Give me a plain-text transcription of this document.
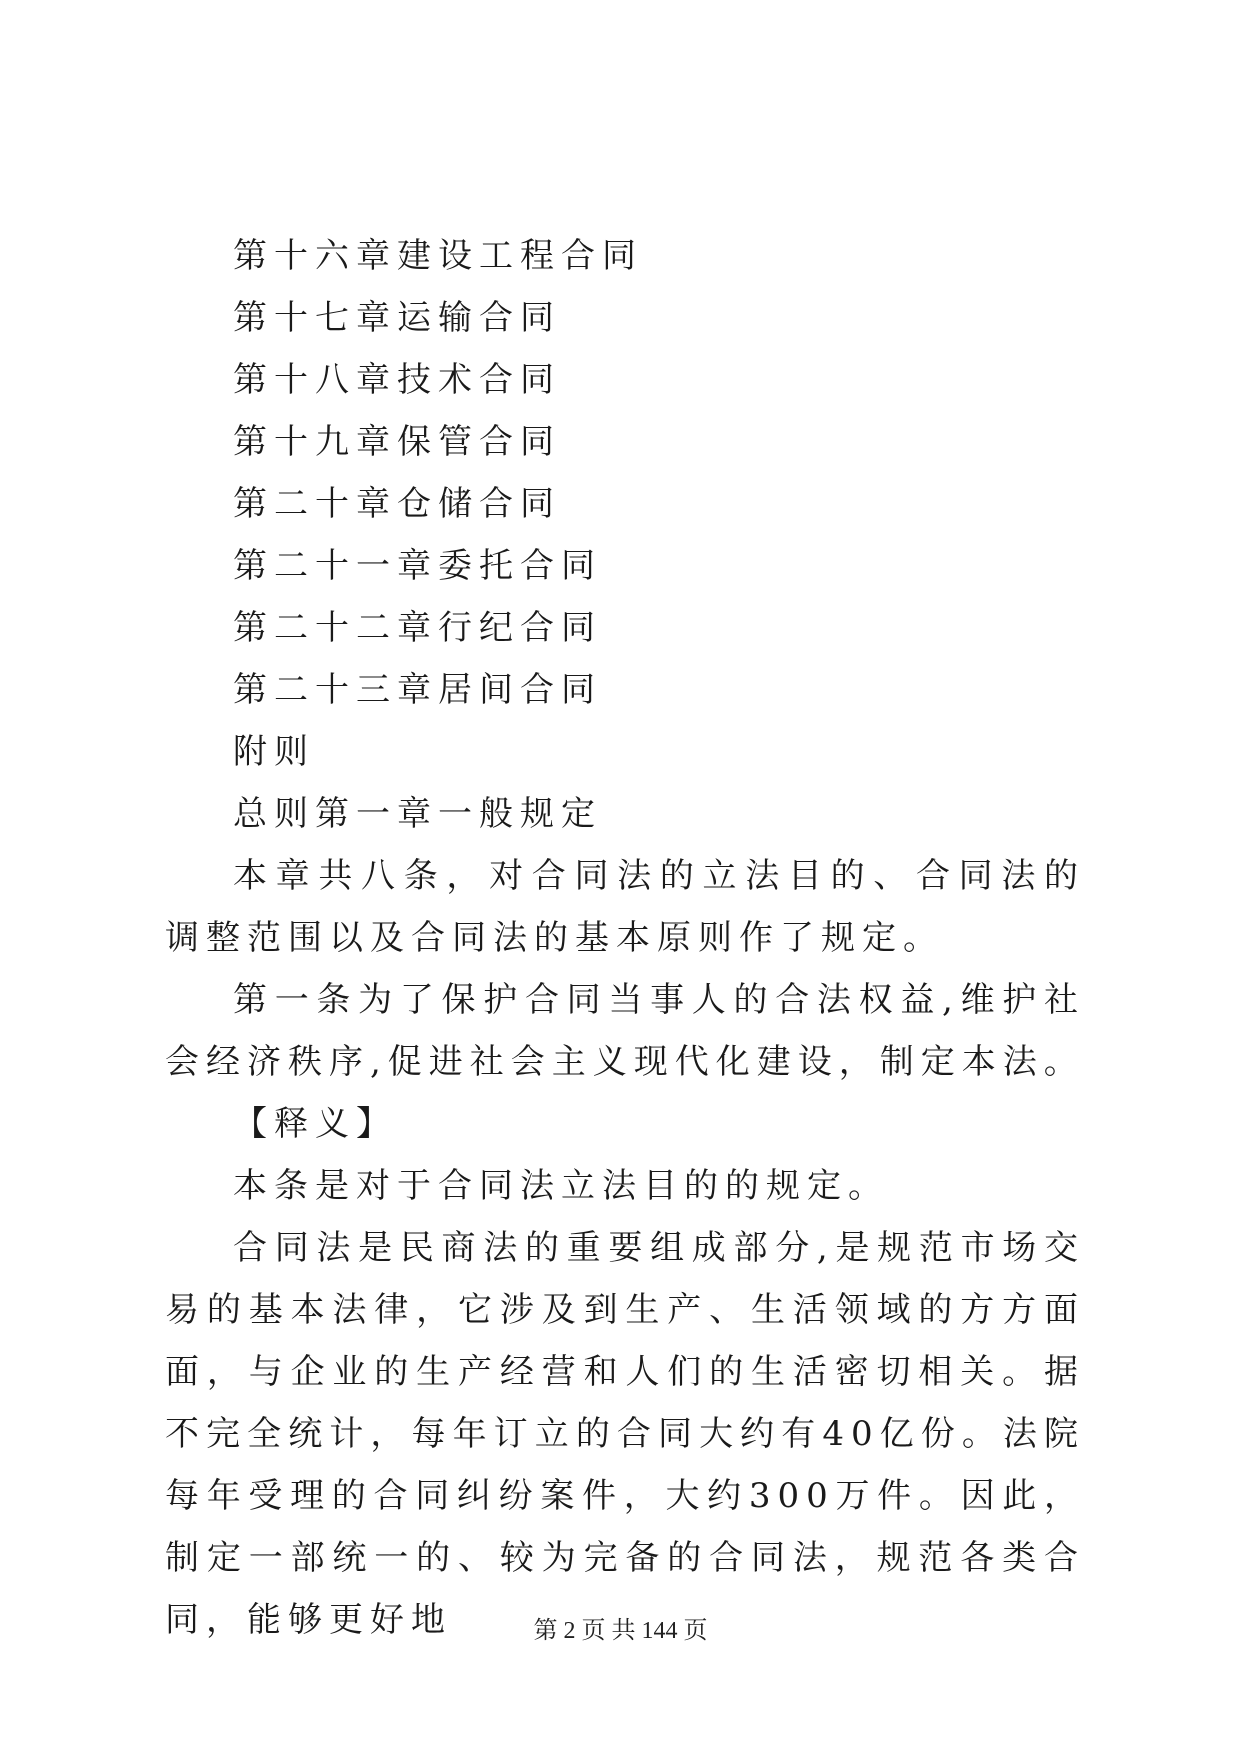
第十六章建设工程合同
第十七章运输合同
第十八章技术合同
第十九章保管合同
第二十章仓储合同
第二十一章委托合同
第二十二章行纪合同
第二十三章居间合同
附则
总则第一章一般规定

本章共八条，对合同法的立法目的、合同法的调整范围以及合同法的基本原则作了规定。

第一条为了保护合同当事人的合法权益,维护社会经济秩序,促进社会主义现代化建设，制定本法。

【释义】

本条是对于合同法立法目的的规定。

合同法是民商法的重要组成部分,是规范市场交易的基本法律，它涉及到生产、生活领域的方方面面，与企业的生产经营和人们的生活密切相关。据不完全统计，每年订立的合同大约有40亿份。法院每年受理的合同纠纷案件，大约300万件。因此，制定一部统一的、较为完备的合同法，规范各类合同，能够更好地	第 2 页 共 144 页
